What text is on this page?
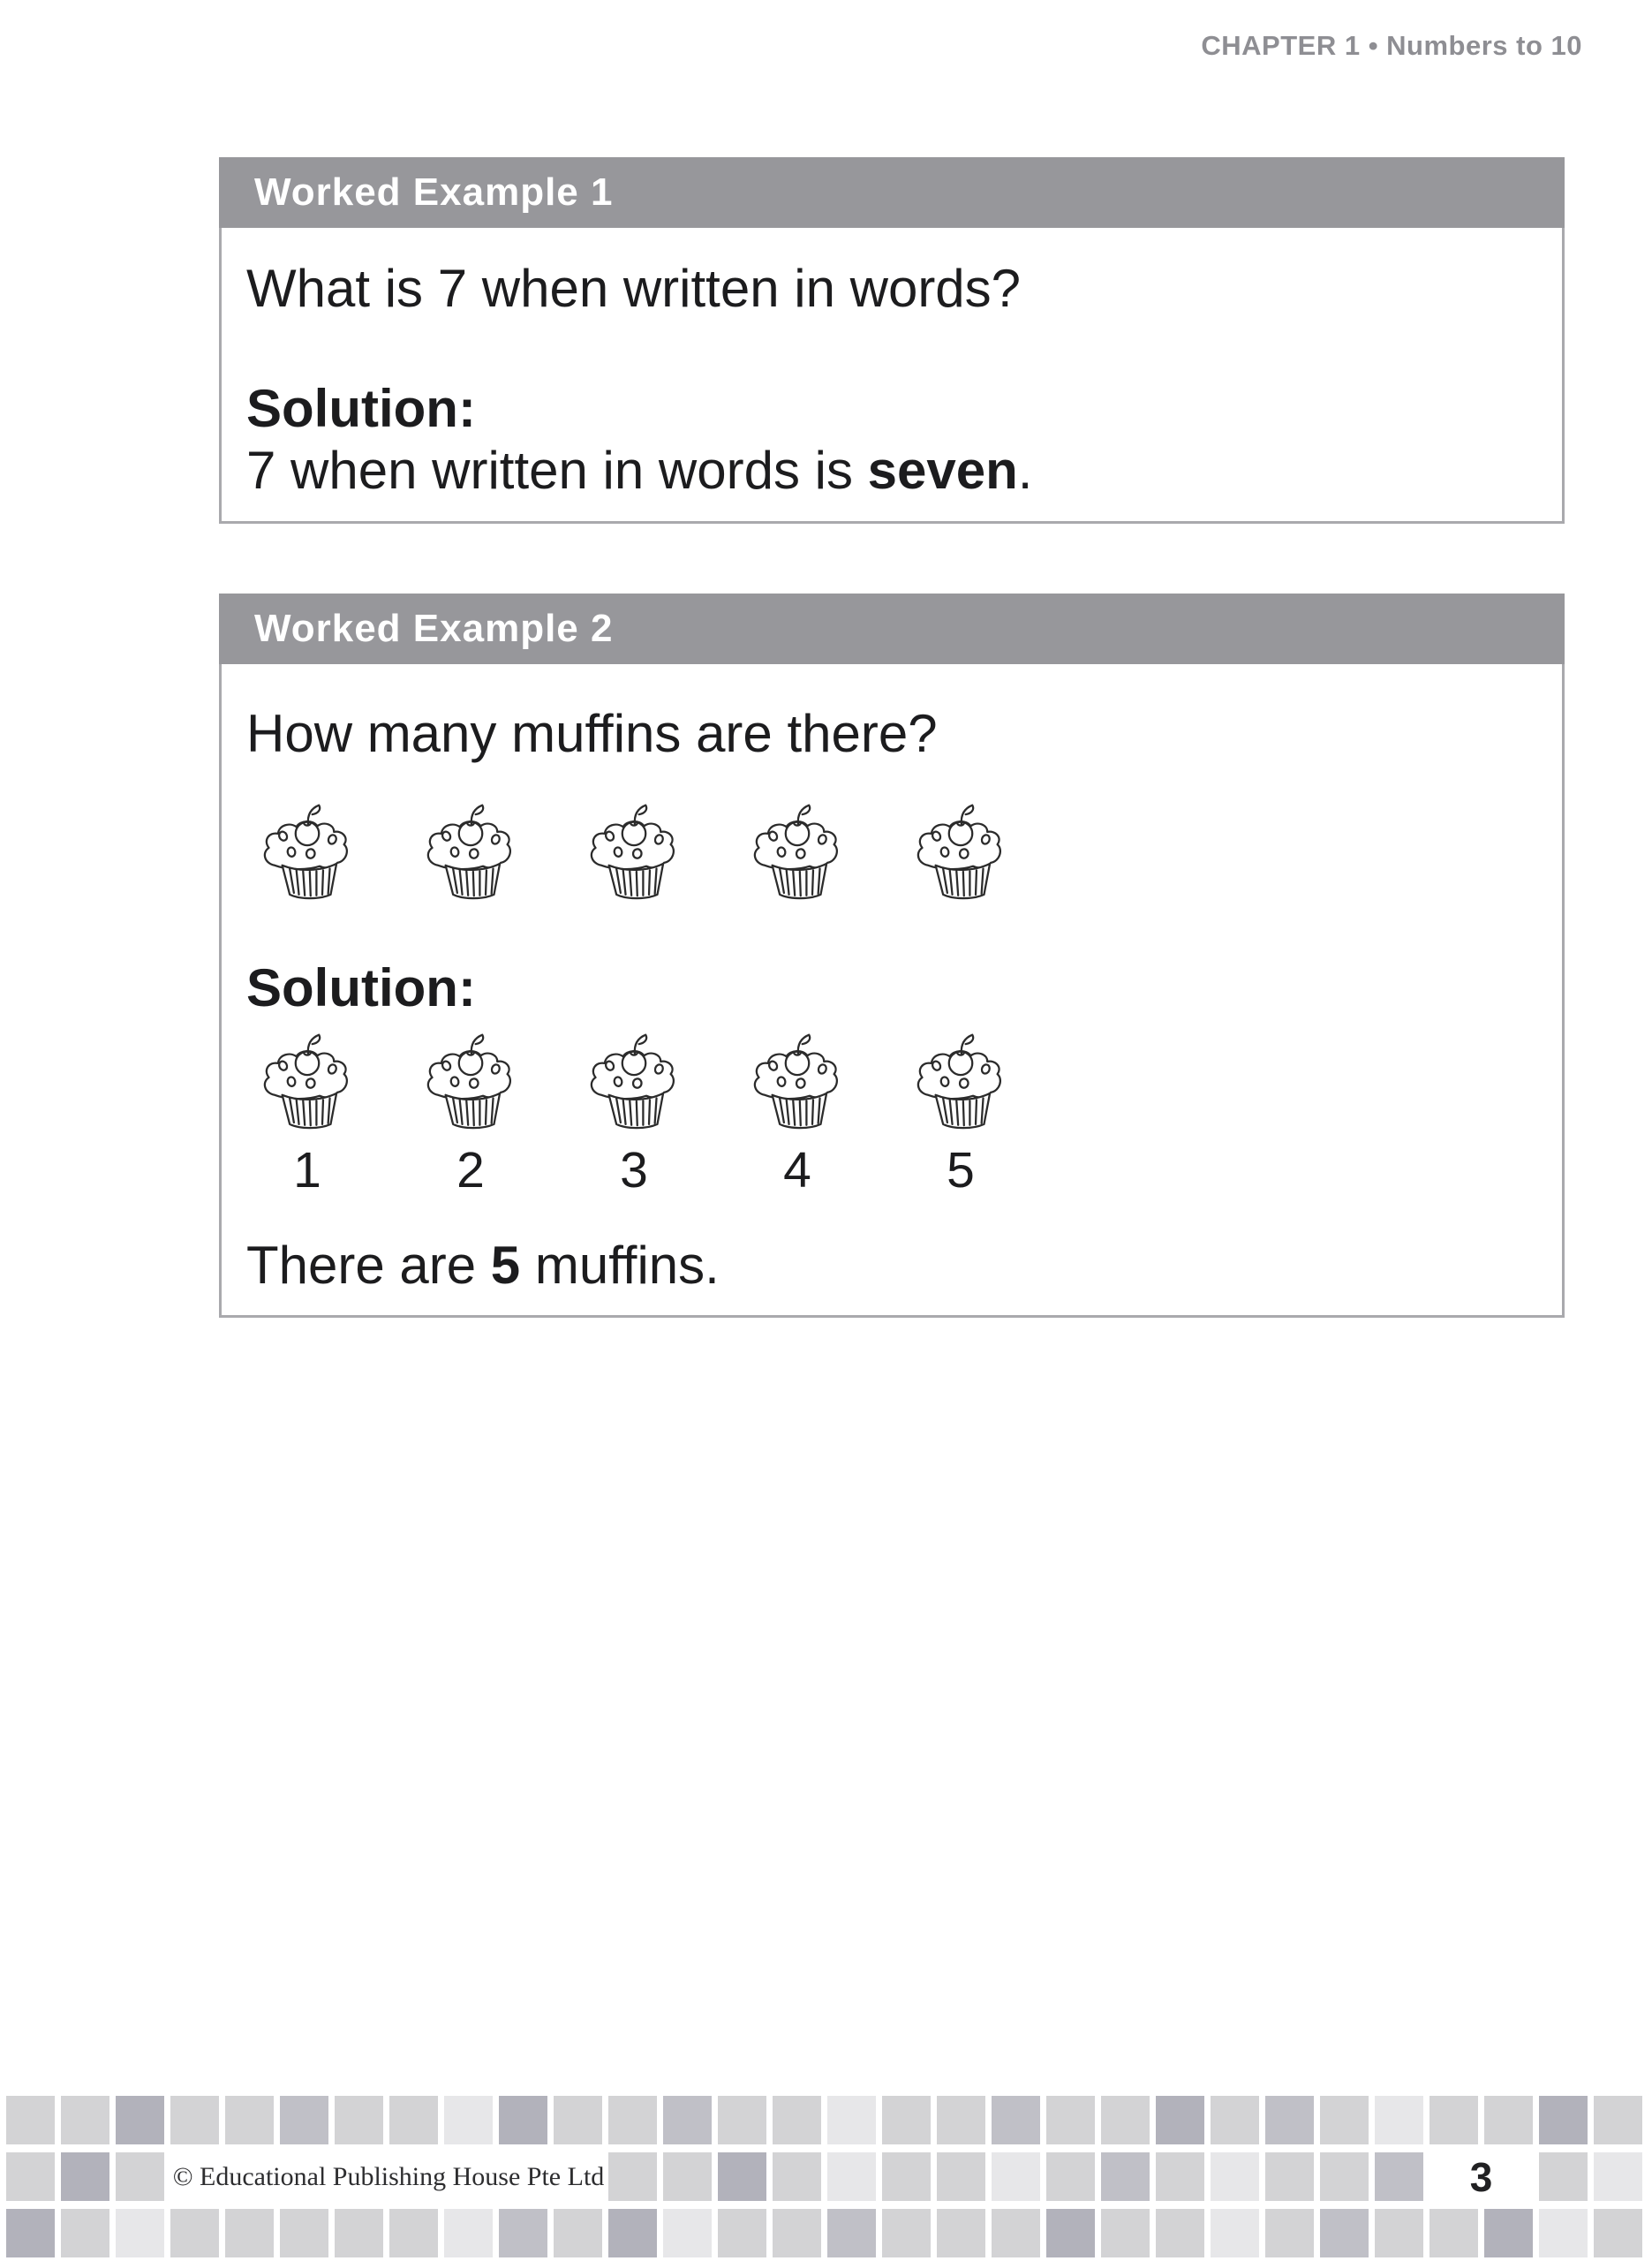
CHAPTER 1 • Numbers to 10
Worked Example 1

What is 7 when written in words?

Solution:

7 when written in words is seven.

Worked Example 2

How many muffins are there?

Solution:

1	2	3	4	5

There are 5 muffins.

© Educational Publishing House Pte Ltd	3
